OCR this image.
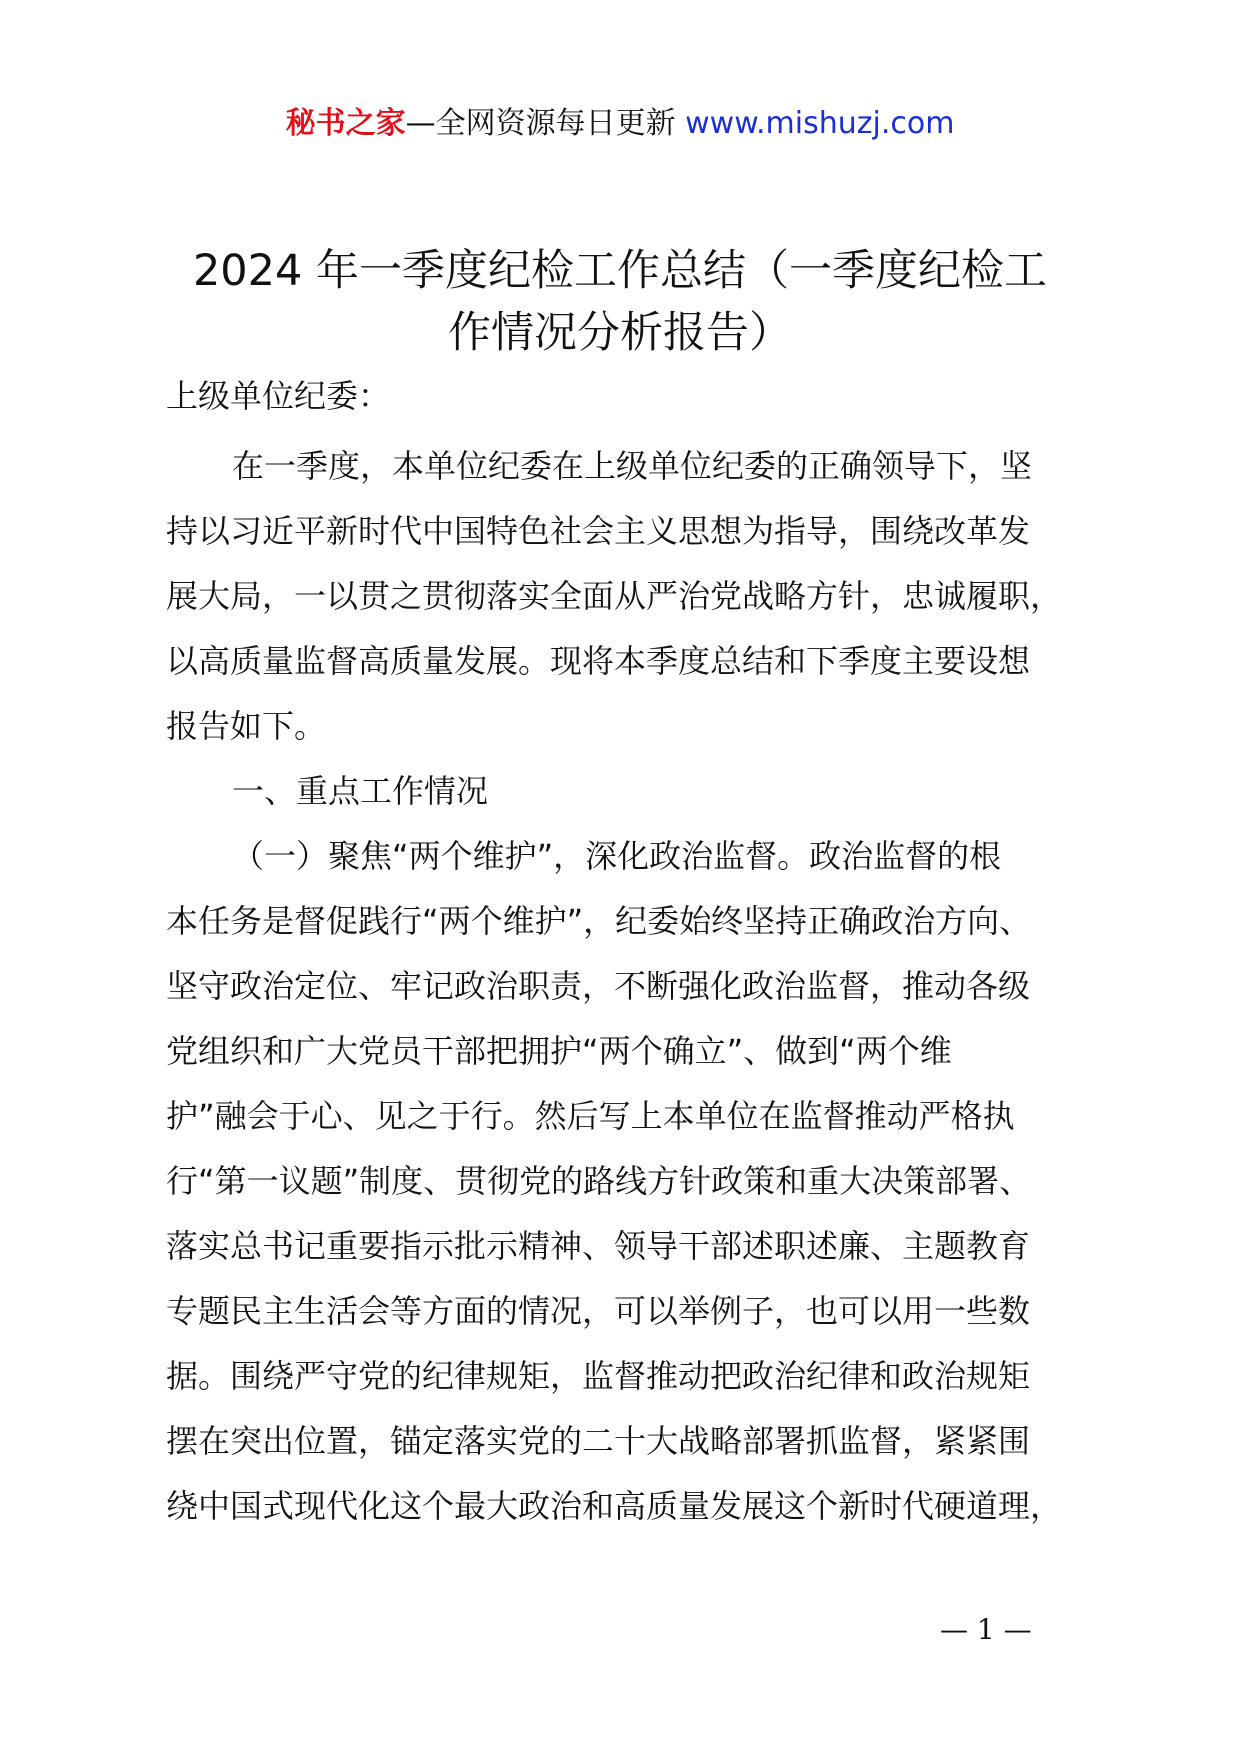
秘书之家—全网资源每日更新 www.mishuzj.com
2024 年一季度纪检工作总结（一季度纪检工
作情况分析报告）
上级单位纪委：
在一季度，本单位纪委在上级单位纪委的正确领导下，坚
持以习近平新时代中国特色社会主义思想为指导，围绕改革发
展大局，一以贯之贯彻落实全面从严治党战略方针，忠诚履职，
以高质量监督高质量发展。现将本季度总结和下季度主要设想
报告如下。
一、重点工作情况
（一）聚焦“两个维护”，深化政治监督。政治监督的根
本任务是督促践行“两个维护”，纪委始终坚持正确政治方向、
坚守政治定位、牢记政治职责，不断强化政治监督，推动各级
党组织和广大党员干部把拥护“两个确立”、做到“两个维
护”融会于心、见之于行。然后写上本单位在监督推动严格执
行“第一议题”制度、贯彻党的路线方针政策和重大决策部署、
落实总书记重要指示批示精神、领导干部述职述廉、主题教育
专题民主生活会等方面的情况，可以举例子，也可以用一些数
据。围绕严守党的纪律规矩，监督推动把政治纪律和政治规矩
摆在突出位置，锚定落实党的二十大战略部署抓监督，紧紧围
绕中国式现代化这个最大政治和高质量发展这个新时代硬道理，
— 1 —
